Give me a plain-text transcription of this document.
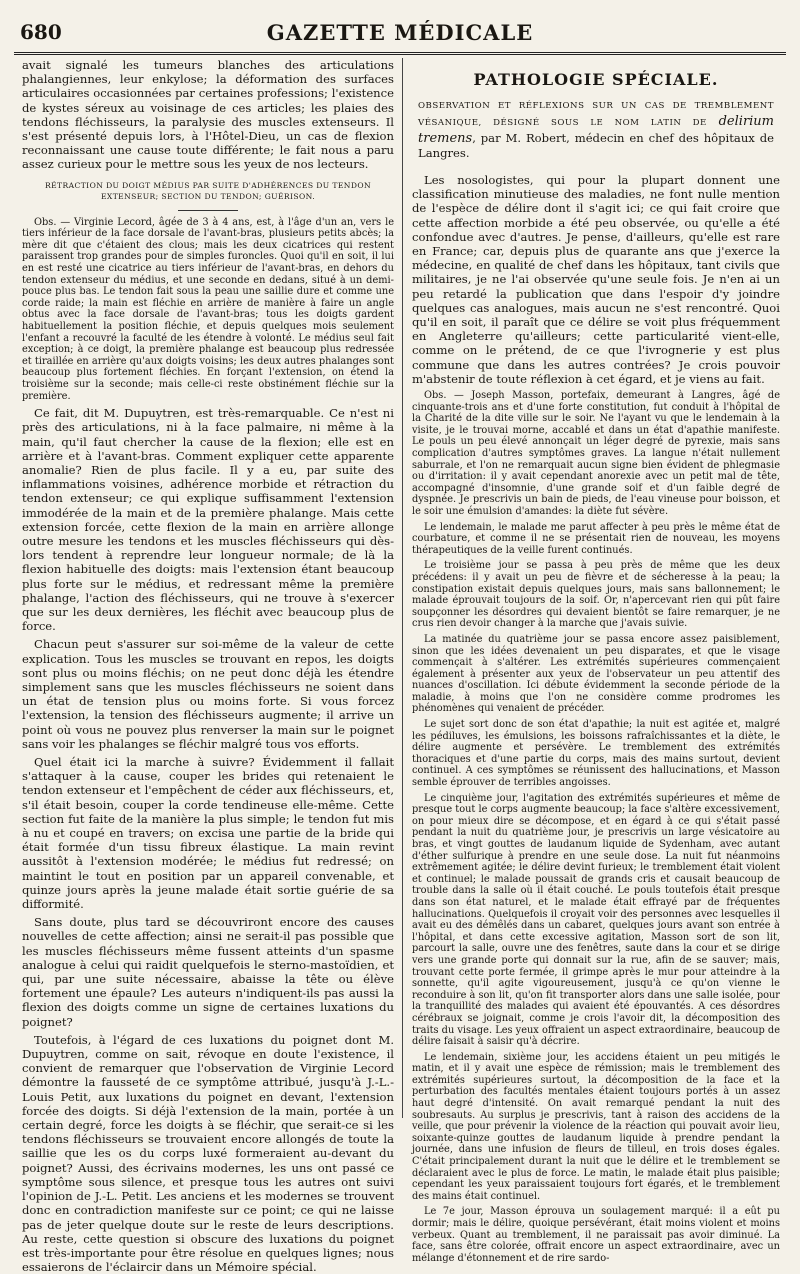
680	GAZETTE MÉDICALE

avait signalé les tumeurs blanches des articulations phalangiennes, leur enkylose; la déformation des surfaces articulaires occasionnées par certaines professions; l'existence de kystes séreux au voisinage de ces articles; les plaies des tendons fléchisseurs, la paralysie des muscles extenseurs. Il s'est présenté depuis lors, à l'Hôtel-Dieu, un cas de flexion reconnaissant une cause toute différente; le fait nous a paru assez curieux pour le mettre sous les yeux de nos lecteurs.

RÉTRACTION DU DOIGT MÉDIUS PAR SUITE D'ADHÉRENCES DU TENDON EXTENSEUR; SECTION DU TENDON; GUÉRISON.

Obs. — Virginie Lecord, âgée de 3 à 4 ans, est, à l'âge d'un an, vers le tiers inférieur de la face dorsale de l'avant-bras, plusieurs petits abcès; la mère dit que c'étaient des clous; mais les deux cicatrices qui restent paraissent trop grandes pour de simples furoncles. Quoi qu'il en soit, il lui en est resté une cicatrice au tiers inférieur de l'avant-bras, en dehors du tendon extenseur du médius, et une seconde en dedans, situé à un demi-pouce plus bas. Le tendon fait sous la peau une saillie dure et comme une corde raide; la main est fléchie en arrière de manière à faire un angle obtus avec la face dorsale de l'avant-bras; tous les doigts gardent habituellement la position fléchie, et depuis quelques mois seulement l'enfant a recouvré la faculté de les étendre à volonté. Le médius seul fait exception; à ce doigt, la première phalange est beaucoup plus redressée et tiraillée en arrière qu'aux doigts voisins; les deux autres phalanges sont beaucoup plus fortement fléchies. En forçant l'extension, on étend la troisième sur la seconde; mais celle-ci reste obstinément fléchie sur la première.

Ce fait, dit M. Dupuytren, est très-remarquable. Ce n'est ni près des articulations, ni à la face palmaire, ni même à la main, qu'il faut chercher la cause de la flexion; elle est en arrière et à l'avant-bras. Comment expliquer cette apparente anomalie? Rien de plus facile. Il y a eu, par suite des inflammations voisines, adhérence morbide et rétraction du tendon extenseur; ce qui explique suffisamment l'extension immodérée de la main et de la première phalange. Mais cette extension forcée, cette flexion de la main en arrière allonge outre mesure les tendons et les muscles fléchisseurs qui dès-lors tendent à reprendre leur longueur normale; de là la flexion habituelle des doigts: mais l'extension étant beaucoup plus forte sur le médius, et redressant même la première phalange, l'action des fléchisseurs, qui ne trouve à s'exercer que sur les deux dernières, les fléchit avec beaucoup plus de force.

Chacun peut s'assurer sur soi-même de la valeur de cette explication. Tous les muscles se trouvant en repos, les doigts sont plus ou moins fléchis; on ne peut donc déjà les étendre simplement sans que les muscles fléchisseurs ne soient dans un état de tension plus ou moins forte. Si vous forcez l'extension, la tension des fléchisseurs augmente; il arrive un point où vous ne pouvez plus renverser la main sur le poignet sans voir les phalanges se fléchir malgré tous vos efforts.

Quel était ici la marche à suivre? Évidemment il fallait s'attaquer à la cause, couper les brides qui retenaient le tendon extenseur et l'empêchent de céder aux fléchisseurs, et, s'il était besoin, couper la corde tendineuse elle-même. Cette section fut faite de la manière la plus simple; le tendon fut mis à nu et coupé en travers; on excisa une partie de la bride qui était formée d'un tissu fibreux élastique. La main revint aussitôt à l'extension modérée; le médius fut redressé; on maintint le tout en position par un appareil convenable, et quinze jours après la jeune malade était sortie guérie de sa difformité.

Sans doute, plus tard se découvriront encore des causes nouvelles de cette affection; ainsi ne serait-il pas possible que les muscles fléchisseurs même fussent atteints d'un spasme analogue à celui qui raidit quelquefois le sterno-mastoïdien, et qui, par une suite nécessaire, abaisse la tête ou élève fortement une épaule? Les auteurs n'indiquent-ils pas aussi la flexion des doigts comme un signe de certaines luxations du poignet?

Toutefois, à l'égard de ces luxations du poignet dont M. Dupuytren, comme on sait, révoque en doute l'existence, il convient de remarquer que l'observation de Virginie Lecord démontre la fausseté de ce symptôme attribué, jusqu'à J.-L.-Louis Petit, aux luxations du poignet en devant, l'extension forcée des doigts. Si déjà l'extension de la main, portée à un certain degré, force les doigts à se fléchir, que serait-ce si les tendons fléchisseurs se trouvaient encore allongés de toute la saillie que les os du corps luxé formeraient au-devant du poignet? Aussi, des écrivains modernes, les uns ont passé ce symptôme sous silence, et presque tous les autres ont suivi l'opinion de J.-L. Petit. Les anciens et les modernes se trouvent donc en contradiction manifeste sur ce point; ce qui ne laisse pas de jeter quelque doute sur le reste de leurs descriptions. Au reste, cette question si obscure des luxations du poignet est très-importante pour être résolue en quelques lignes; nous essaierons de l'éclaircir dans un Mémoire spécial.

PATHOLOGIE SPÉCIALE.

OBSERVATION ET RÉFLEXIONS SUR UN CAS DE TREMBLEMENT VÉSANIQUE, DÉSIGNÉ SOUS LE NOM LATIN DE delirium tremens, par M. Robert, médecin en chef des hôpitaux de Langres.

Les nosologistes, qui pour la plupart donnent une classification minutieuse des maladies, ne font nulle mention de l'espèce de délire dont il s'agit ici; ce qui fait croire que cette affection morbide a été peu observée, ou qu'elle a été confondue avec d'autres. Je pense, d'ailleurs, qu'elle est rare en France; car, depuis plus de quarante ans que j'exerce la médecine, en qualité de chef dans les hôpitaux, tant civils que militaires, je ne l'ai observée qu'une seule fois. Je n'en ai un peu retardé la publication que dans l'espoir d'y joindre quelques cas analogues, mais aucun ne s'est rencontré. Quoi qu'il en soit, il paraît que ce délire se voit plus fréquemment en Angleterre qu'ailleurs; cette particularité vient-elle, comme on le prétend, de ce que l'ivrognerie y est plus commune que dans les autres contrées? Je crois pouvoir m'abstenir de toute réflexion à cet égard, et je viens au fait.

Obs. — Joseph Masson, portefaix, demeurant à Langres, âgé de cinquante-trois ans et d'une forte constitution, fut conduit à l'hôpital de la Charité de la dite ville sur le soir. Ne l'ayant vu que le lendemain à la visite, je le trouvai morne, accablé et dans un état d'apathie manifeste. Le pouls un peu élevé annonçait un léger degré de pyrexie, mais sans complication d'autres symptômes graves. La langue n'était nullement saburrale, et l'on ne remarquait aucun signe bien évident de phlegmasie ou d'irritation: il y avait cependant anorexie avec un petit mal de tête, accompagné d'insomnie, d'une grande soif et d'un faible degré de dyspnée. Je prescrivis un bain de pieds, de l'eau vineuse pour boisson, et le soir une émulsion d'amandes: la diète fut sévère.

Le lendemain, le malade me parut affecter à peu près le même état de courbature, et comme il ne se présentait rien de nouveau, les moyens thérapeutiques de la veille furent continués.

Le troisième jour se passa à peu près de même que les deux précédens: il y avait un peu de fièvre et de sécheresse à la peau; la constipation existait depuis quelques jours, mais sans ballonnement; le malade éprouvait toujours de la soif. Or, n'apercevant rien qui pût faire soupçonner les désordres qui devaient bientôt se faire remarquer, je ne crus rien devoir changer à la marche que j'avais suivie.

La matinée du quatrième jour se passa encore assez paisiblement, sinon que les idées devenaient un peu disparates, et que le visage commençait à s'altérer. Les extrémités supérieures commençaient également à présenter aux yeux de l'observateur un peu attentif des nuances d'oscillation. Ici débute évidemment la seconde période de la maladie, à moins que l'on ne considère comme prodromes les phénomènes qui venaient de précéder.

Le sujet sort donc de son état d'apathie; la nuit est agitée et, malgré les pédiluves, les émulsions, les boissons rafraîchissantes et la diète, le délire augmente et persévère. Le tremblement des extrémités thoraciques et d'une partie du corps, mais des mains surtout, devient continuel. A ces symptômes se réunissent des hallucinations, et Masson semble éprouver de terribles angoisses.

Le cinquième jour, l'agitation des extrémités supérieures et même de presque tout le corps augmente beaucoup; la face s'altère excessivement, on pour mieux dire se décompose, et en égard à ce qui s'était passé pendant la nuit du quatrième jour, je prescrivis un large vésicatoire au bras, et vingt gouttes de laudanum liquide de Sydenham, avec autant d'éther sulfurique à prendre en une seule dose. La nuit fut néanmoins extrêmement agitée; le délire devint furieux; le tremblement était violent et continuel; le malade poussait de grands cris et causait beaucoup de trouble dans la salle où il était couché. Le pouls toutefois était presque dans son état naturel, et le malade était effrayé par de fréquentes hallucinations. Quelquefois il croyait voir des personnes avec lesquelles il avait eu des démêlés dans un cabaret, quelques jours avant son entrée à l'hôpital, et dans cette excessive agitation, Masson sort de son lit, parcourt la salle, ouvre une des fenêtres, saute dans la cour et se dirige vers une grande porte qui donnait sur la rue, afin de se sauver; mais, trouvant cette porte fermée, il grimpe après le mur pour atteindre à la sonnette, qu'il agite vigoureusement, jusqu'à ce qu'on vienne le reconduire à son lit, qu'on fit transporter alors dans une salle isolée, pour la tranquillité des malades qui avaient été épouvantés. A ces désordres cérébraux se joignait, comme je crois l'avoir dit, la décomposition des traits du visage. Les yeux offraient un aspect extraordinaire, beaucoup de délire faisait à saisir qu'à décrire.

Le lendemain, sixième jour, les accidens étaient un peu mitigés le matin, et il y avait une espèce de rémission; mais le tremblement des extrémités supérieures surtout, la décomposition de la face et la perturbation des facultés mentales étaient toujours portés à un assez haut degré d'intensité. On avait remarqué pendant la nuit des soubresauts. Au surplus je prescrivis, tant à raison des accidens de la veille, que pour prévenir la violence de la réaction qui pouvait avoir lieu, soixante-quinze gouttes de laudanum liquide à prendre pendant la journée, dans une infusion de fleurs de tilleul, en trois doses égales. C'était principalement durant la nuit que le délire et le tremblement se déclaraient avec le plus de force. Le matin, le malade était plus paisible; cependant les yeux paraissaient toujours fort égarés, et le tremblement des mains était continuel.

Le 7e jour, Masson éprouva un soulagement marqué: il a eût pu dormir; mais le délire, quoique persévérant, était moins violent et moins verbeux. Quant au tremblement, il ne paraissait pas avoir diminué. La face, sans être colorée, offrait encore un aspect extraordinaire, avec un mélange d'étonnement et de rire sardo-
